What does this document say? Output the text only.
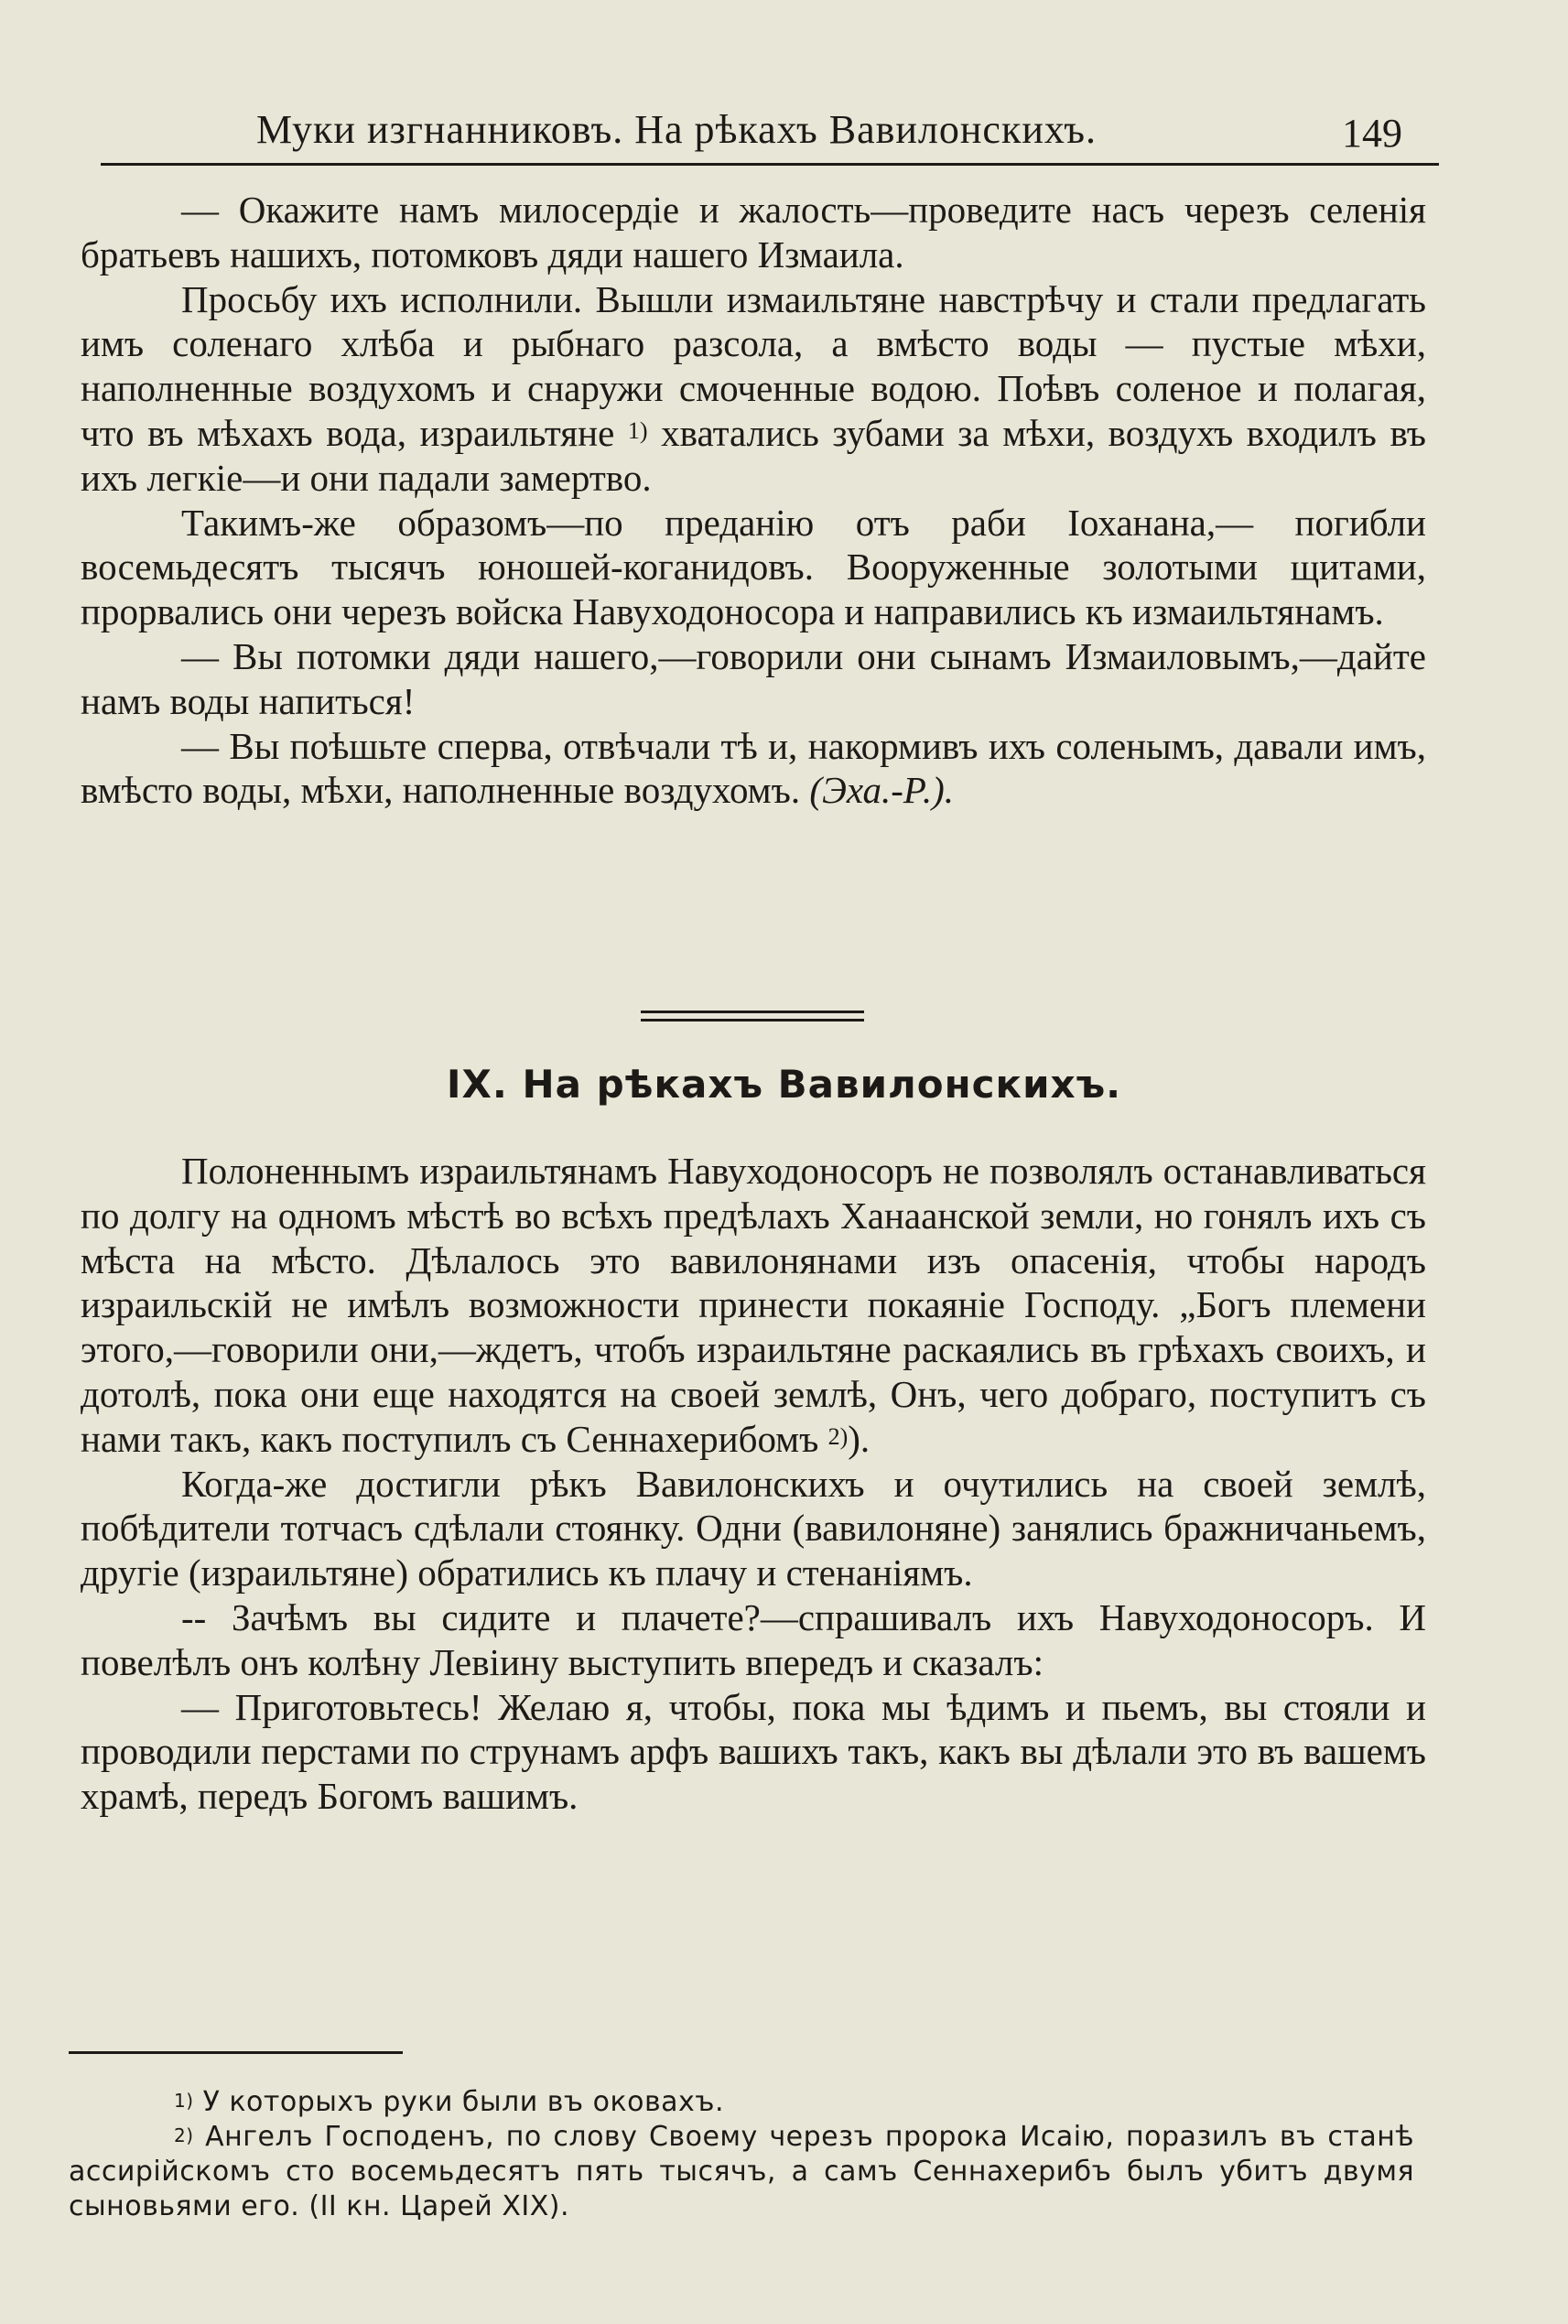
Муки изгнанниковъ. На рѣкахъ Вавилонскихъ.	149

— Окажите намъ милосердіе и жалость—проведите насъ черезъ селенія братьевъ нашихъ, потомковъ дяди нашего Измаила.

Просьбу ихъ исполнили. Вышли измаильтяне навстрѣчу и стали предлагать имъ соленаго хлѣба и рыбнаго разсола, а вмѣсто воды — пустые мѣхи, наполненные воздухомъ и снаружи смоченные водою. Поѣвъ соленое и полагая, что въ мѣхахъ вода, израильтяне $^{1)}$ хватались зубами за мѣхи, воздухъ входилъ въ ихъ легкіе—и они падали замертво.

Такимъ-же образомъ—по преданію отъ раби Іоханана,— погибли восемьдесятъ тысячъ юношей-коганидовъ. Вооруженные золотыми щитами, прорвались они черезъ войска Навуходоносора и направились къ измаильтянамъ.

— Вы потомки дяди нашего,—говорили они сынамъ Измаиловымъ,—дайте намъ воды напиться!

— Вы поѣшьте сперва, отвѣчали тѣ и, накормивъ ихъ соленымъ, давали имъ, вмѣсто воды, мѣхи, наполненные воздухомъ. (Эха.-Р.).

IX. На рѣкахъ Вавилонскихъ.

Полоненнымъ израильтянамъ Навуходоносоръ не позволялъ останавливаться по долгу на одномъ мѣстѣ во всѣхъ предѣлахъ Ханаанской земли, но гонялъ ихъ съ мѣста на мѣсто. Дѣлалось это вавилонянами изъ опасенія, чтобы народъ израильскій не имѣлъ возможности принести покаяніе Господу. „Богъ племени этого,—говорили они,—ждетъ, чтобъ израильтяне раскаялись въ грѣхахъ своихъ, и дотолѣ, пока они еще находятся на своей землѣ, Онъ, чего добраго, поступитъ съ нами такъ, какъ поступилъ съ Сеннахерибомъ $^{2)}$).

Когда-же достигли рѣкъ Вавилонскихъ и очутились на своей землѣ, побѣдители тотчасъ сдѣлали стоянку. Одни (вавилоняне) занялись бражничаньемъ, другіе (израильтяне) обратились къ плачу и стенаніямъ.

-- Зачѣмъ вы сидите и плачете?—спрашивалъ ихъ Навуходоносоръ. И повелѣлъ онъ колѣну Левіину выступить впередъ и сказалъ:

— Приготовьтесь! Желаю я, чтобы, пока мы ѣдимъ и пьемъ, вы стояли и проводили перстами по струнамъ арфъ вашихъ такъ, какъ вы дѣлали это въ вашемъ храмѣ, передъ Богомъ вашимъ.

$^{1)}$ У которыхъ руки были въ оковахъ.

$^{2)}$ Ангелъ Господенъ, по слову Своему черезъ пророка Исаію, поразилъ въ станѣ ассирійскомъ сто восемьдесятъ пять тысячъ, а самъ Сеннахерибъ былъ убитъ двумя сыновьями его. (II кн. Царей XIX).
